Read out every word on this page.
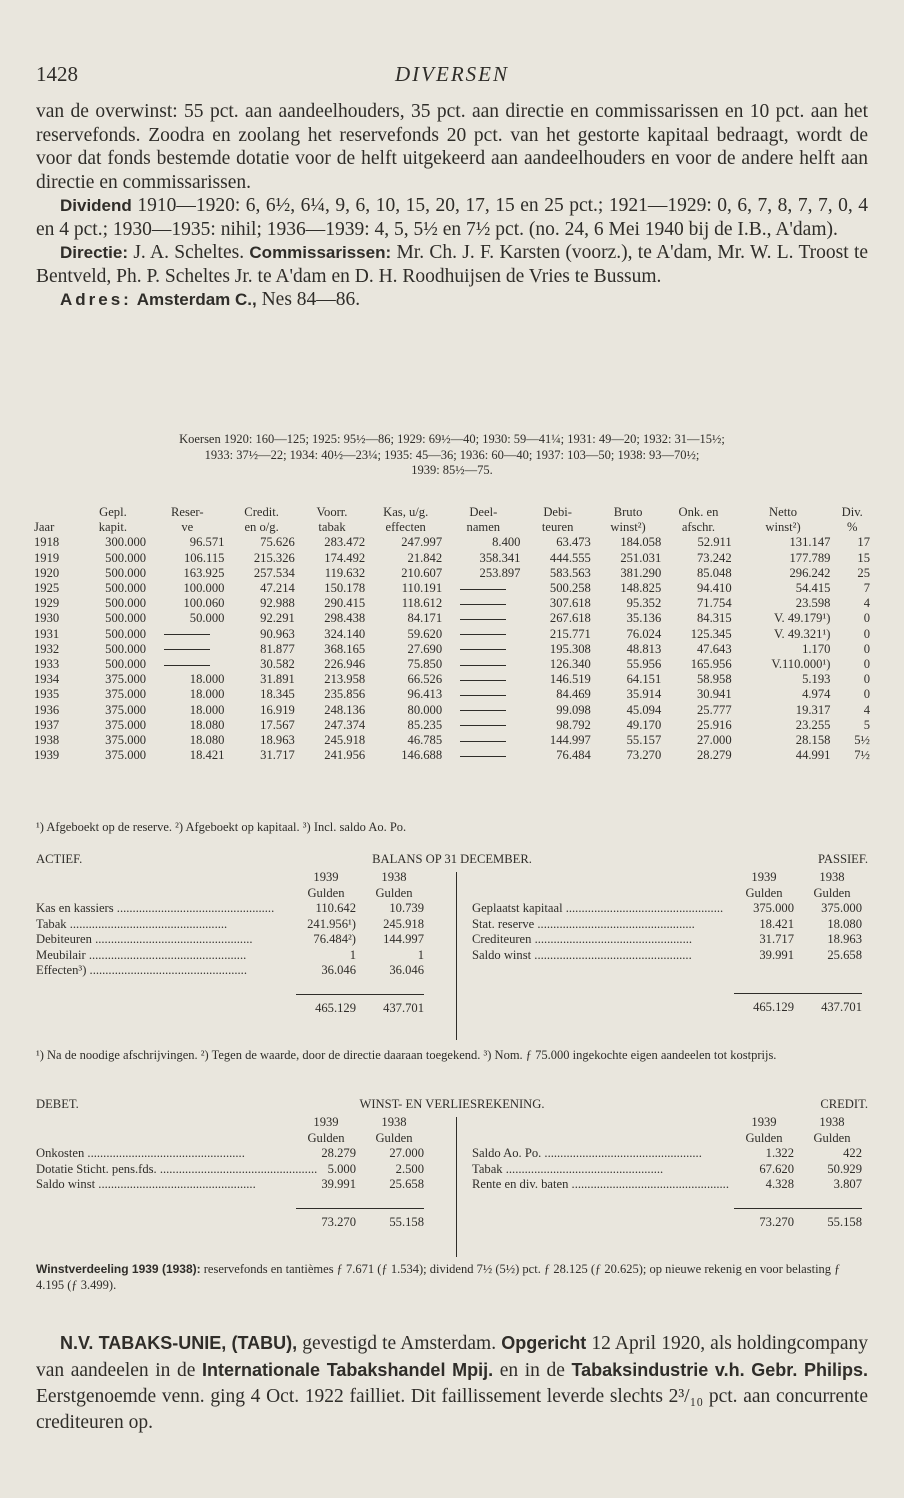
1428	DIVERSEN

van de overwinst: 55 pct. aan aandeelhouders, 35 pct. aan directie en commissarissen en 10 pct. aan het reservefonds. Zoodra en zoolang het reservefonds 20 pct. van het gestorte kapitaal bedraagt, wordt de voor dat fonds bestemde dotatie voor de helft uitgekeerd aan aandeelhouders en voor de andere helft aan directie en commissarissen.

Dividend 1910—1920: 6, 6½, 6¼, 9, 6, 10, 15, 20, 17, 15 en 25 pct.; 1921—1929: 0, 6, 7, 8, 7, 7, 0, 4 en 4 pct.; 1930—1935: nihil; 1936—1939: 4, 5, 5½ en 7½ pct. (no. 24, 6 Mei 1940 bij de I.B., A'dam).

Directie: J. A. Scheltes. Commissarissen: Mr. Ch. J. F. Karsten (voorz.), te A'dam, Mr. W. L. Troost te Bentveld, Ph. P. Scheltes Jr. te A'dam en D. H. Roodhuijsen de Vries te Bussum.

Adres: Amsterdam C., Nes 84—86.

Koersen 1920: 160—125; 1925: 95½—86; 1929: 69½—40; 1930: 59—41¼; 1931: 49—20; 1932: 31—15½;
1933: 37½—22; 1934: 40½—23¼; 1935: 45—36; 1936: 60—40; 1937: 103—50; 1938: 93—70½;
1939: 85½—75.
	Gepl.	Reser-	Credit.	Voorr.	Kas, u/g.	Deel-	Debi-	Bruto	Onk. en	Netto	Div.
Jaar	kapit.	ve	en o/g.	tabak	effecten	namen	teuren	winst²)	afschr.	winst²)	%
1918	300.000	96.571	75.626	283.472	247.997	8.400	63.473	184.058	52.911	131.147	17
1919	500.000	106.115	215.326	174.492	21.842	358.341	444.555	251.031	73.242	177.789	15
1920	500.000	163.925	257.534	119.632	210.607	253.897	583.563	381.290	85.048	296.242	25
1925	500.000	100.000	47.214	150.178	110.191		500.258	148.825	94.410	54.415	7
1929	500.000	100.060	92.988	290.415	118.612		307.618	95.352	71.754	23.598	4
1930	500.000	50.000	92.291	298.438	84.171		267.618	35.136	84.315	V. 49.179¹)	0
1931	500.000		90.963	324.140	59.620		215.771	76.024	125.345	V. 49.321¹)	0
1932	500.000		81.877	368.165	27.690		195.308	48.813	47.643	1.170	0
1933	500.000		30.582	226.946	75.850		126.340	55.956	165.956	V.110.000¹)	0
1934	375.000	18.000	31.891	213.958	66.526		146.519	64.151	58.958	5.193	0
1935	375.000	18.000	18.345	235.856	96.413		84.469	35.914	30.941	4.974	0
1936	375.000	18.000	16.919	248.136	80.000		99.098	45.094	25.777	19.317	4
1937	375.000	18.080	17.567	247.374	85.235		98.792	49.170	25.916	23.255	5
1938	375.000	18.080	18.963	245.918	46.785		144.997	55.157	27.000	28.158	5½
1939	375.000	18.421	31.717	241.956	146.688		76.484	73.270	28.279	44.991	7½
¹) Afgeboekt op de reserve. ²) Afgeboekt op kapitaal. ³) Incl. saldo Ao. Po.
ACTIEF.	BALANS OP 31 DECEMBER.	PASSIEF.
	1939	1938
	Gulden	Gulden
Kas en kassiers ..................................................	110.642	10.739
Tabak ..................................................	241.956¹)	245.918
Debiteuren ..................................................	76.484²)	144.997
Meubilair ..................................................	1	1
Effecten³) ..................................................	36.046	36.046

	465.129	437.701
	1939	1938
	Gulden	Gulden
Geplaatst kapitaal ..................................................	375.000	375.000
Stat. reserve ..................................................	18.421	18.080
Crediteuren ..................................................	31.717	18.963
Saldo winst ..................................................	39.991	25.658

	465.129	437.701
¹) Na de noodige afschrijvingen. ²) Tegen de waarde, door de directie daaraan toegekend. ³) Nom. ƒ 75.000 ingekochte eigen aandeelen tot kostprijs.
DEBET.	WINST- EN VERLIESREKENING.	CREDIT.
	1939	1938
	Gulden	Gulden
Onkosten ..................................................	28.279	27.000
Dotatie Sticht. pens.fds. ..................................................	5.000	2.500
Saldo winst ..................................................	39.991	25.658

	73.270	55.158
	1939	1938
	Gulden	Gulden
Saldo Ao. Po. ..................................................	1.322	422
Tabak ..................................................	67.620	50.929
Rente en div. baten ..................................................	4.328	3.807

	73.270	55.158
Winstverdeeling 1939 (1938): reservefonds en tantièmes ƒ 7.671 (ƒ 1.534); dividend 7½ (5½) pct. ƒ 28.125 (ƒ 20.625); op nieuwe rekenig en voor belasting ƒ 4.195 (ƒ 3.499).

N.V. TABAKS-UNIE, (TABU), gevestigd te Amsterdam. Opgericht 12 April 1920, als holdingcompany van aandeelen in de Internationale Tabakshandel Mpij. en in de Tabaksindustrie v.h. Gebr. Philips. Eerstgenoemde venn. ging 4 Oct. 1922 failliet. Dit faillissement leverde slechts 2³/₁₀ pct. aan concurrente crediteuren op.
